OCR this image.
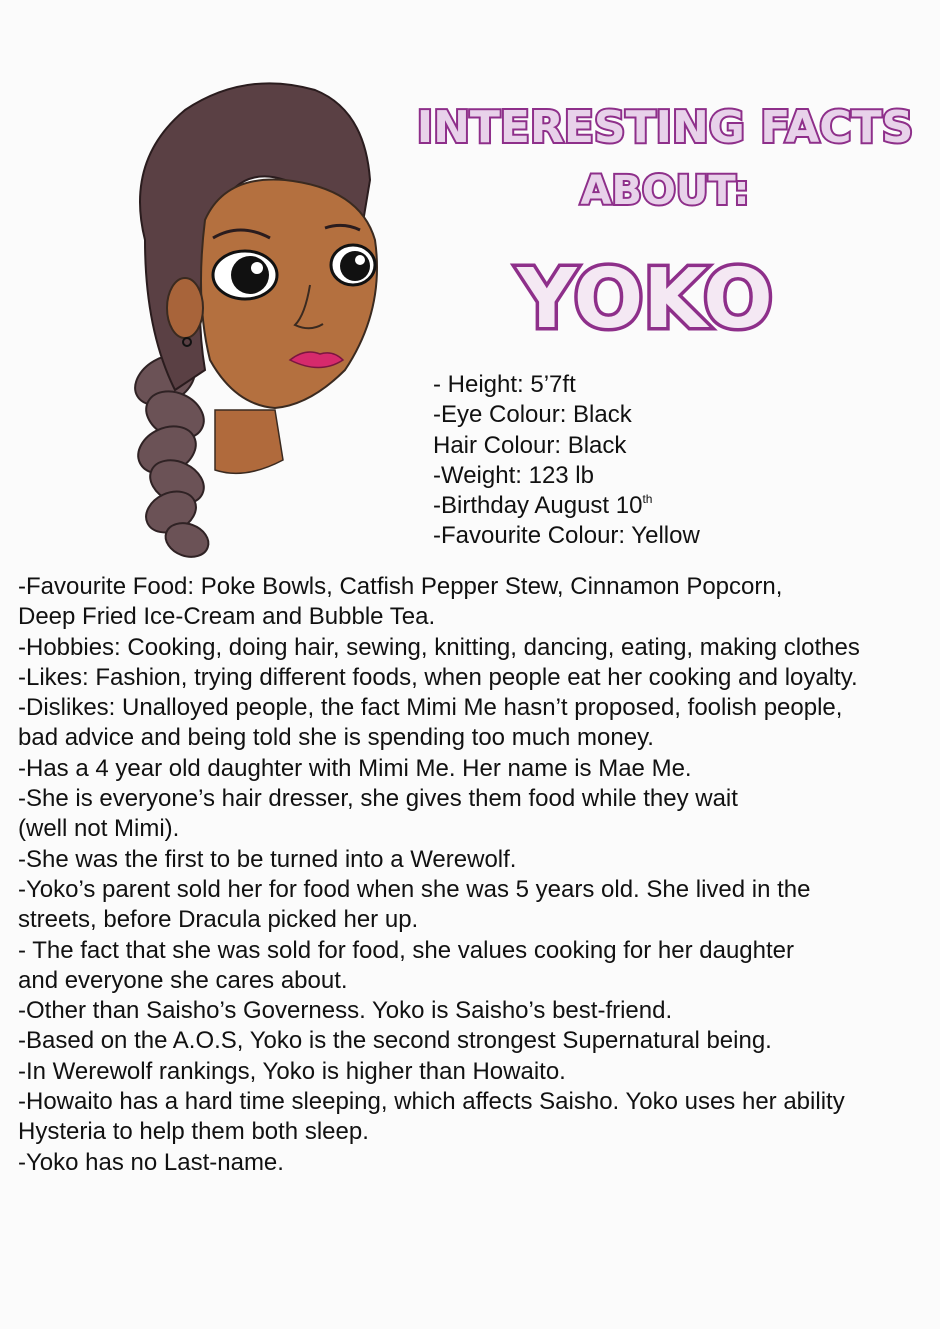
INTERESTING FACTS
ABOUT:
YOKO
- Height: 5’7ft
-Eye Colour: Black
Hair Colour: Black
-Weight: 123 lb
-Birthday August 10th
-Favourite Colour: Yellow
-Favourite Food: Poke Bowls, Catfish Pepper Stew, Cinnamon Popcorn,
Deep Fried Ice-Cream and Bubble Tea.
-Hobbies: Cooking, doing hair, sewing, knitting, dancing, eating, making clothes
-Likes: Fashion, trying different foods, when people eat her cooking and loyalty.
-Dislikes: Unalloyed people, the fact Mimi Me hasn’t proposed, foolish people,
bad advice and being told she is spending too much money.
-Has a 4 year old daughter with Mimi Me. Her name is Mae Me.
-She is everyone’s hair dresser, she gives them food while they wait
(well not Mimi).
-She was the first to be turned into a Werewolf.
-Yoko’s parent sold her for food when she was 5 years old. She lived in the
streets, before Dracula picked her up.
- The fact that she was sold for food, she values cooking for her daughter
and everyone she cares about.
-Other than Saisho’s Governess. Yoko is Saisho’s best-friend.
-Based on the A.O.S, Yoko is the second strongest Supernatural being.
-In Werewolf rankings, Yoko is higher than Howaito.
-Howaito has a hard time sleeping, which affects Saisho. Yoko uses her ability
Hysteria to help them both sleep.
-Yoko has no Last-name.
